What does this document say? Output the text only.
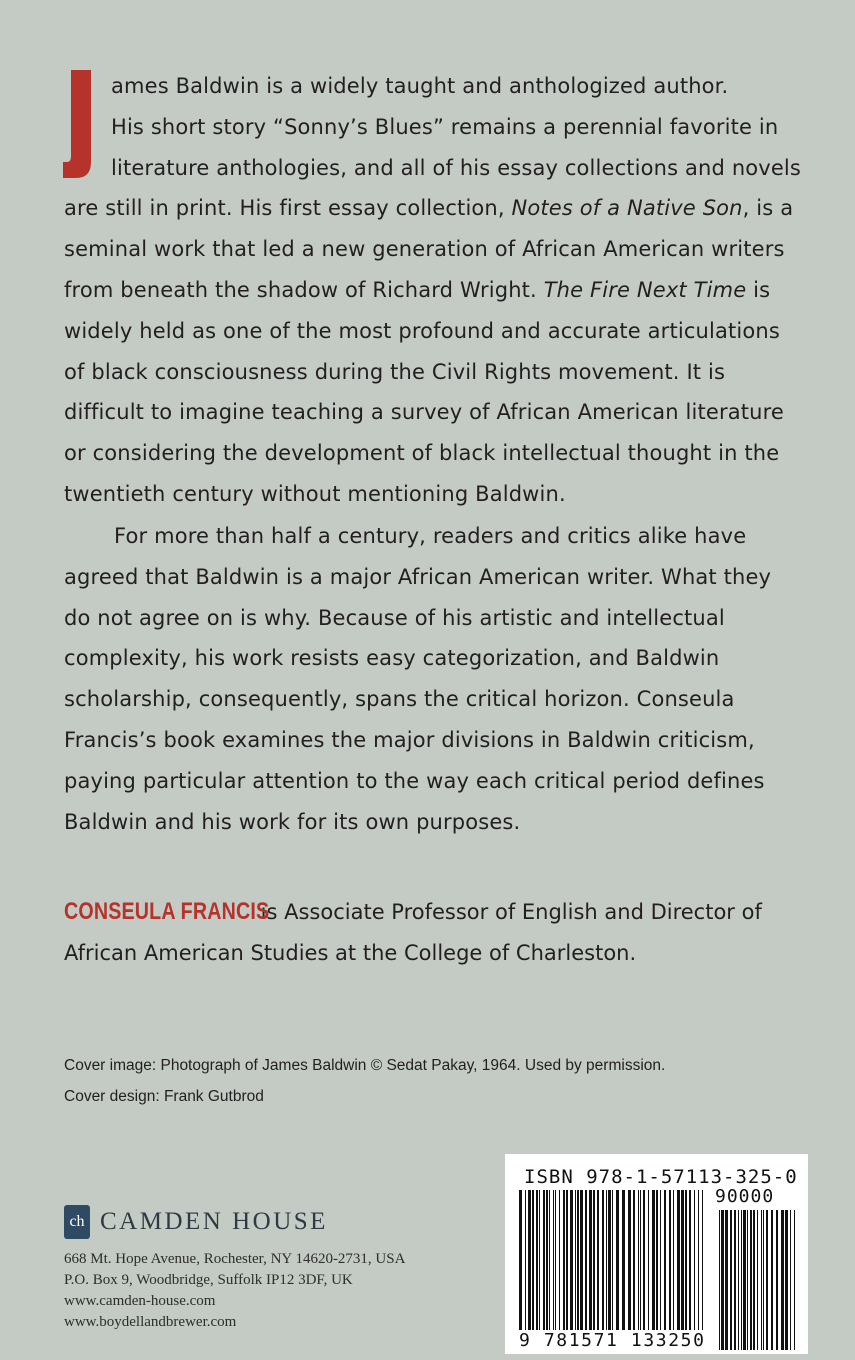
ames Baldwin is a widely taught and anthologized author.
His short story “Sonny’s Blues” remains a perennial favorite in
literature anthologies, and all of his essay collections and novels
are still in print. His first essay collection, Notes of a Native Son, is a
seminal work that led a new generation of African American writers
from beneath the shadow of Richard Wright. The Fire Next Time is
widely held as one of the most profound and accurate articulations
of black consciousness during the Civil Rights movement. It is
difficult to imagine teaching a survey of African American literature
or considering the development of black intellectual thought in the
twentieth century without mentioning Baldwin.
For more than half a century, readers and critics alike have
agreed that Baldwin is a major African American writer. What they
do not agree on is why. Because of his artistic and intellectual
complexity, his work resists easy categorization, and Baldwin
scholarship, consequently, spans the critical horizon. Conseula
Francis’s book examines the major divisions in Baldwin criticism,
paying particular attention to the way each critical period defines
Baldwin and his work for its own purposes.
CONSEULA FRANCIS is Associate Professor of English and Director of
African American Studies at the College of Charleston.
Cover image: Photograph of James Baldwin © Sedat Pakay, 1964. Used by permission.
Cover design: Frank Gutbrod
ch CAMDEN HOUSE
668 Mt. Hope Avenue, Rochester, NY 14620-2731, USA
P.O. Box 9, Woodbridge, Suffolk IP12 3DF, UK
www.camden-house.com
www.boydellandbrewer.com
ISBN 978-1-57113-325-0
90000
9 781571 133250
